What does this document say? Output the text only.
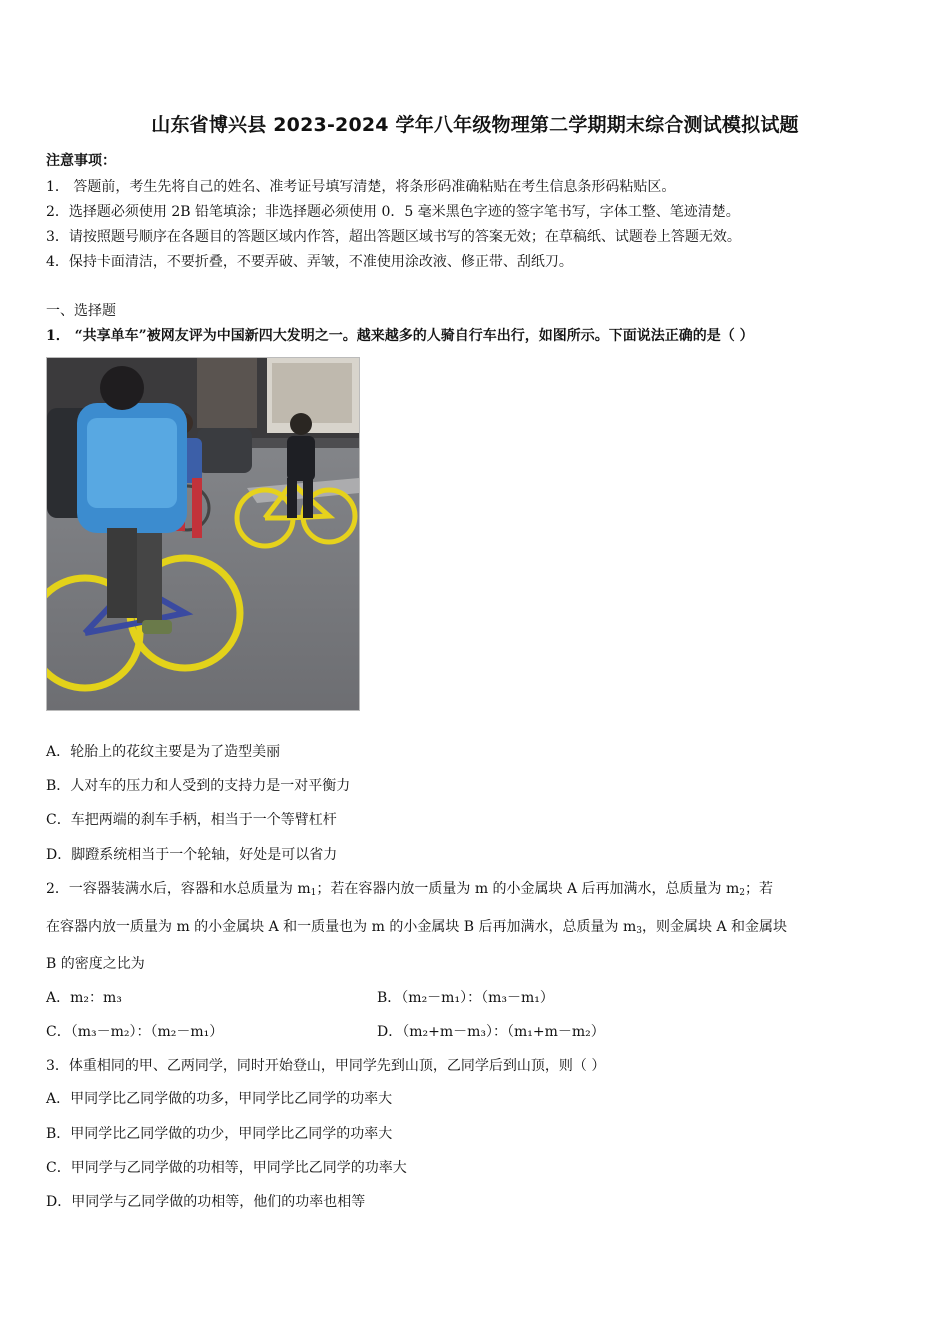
山东省博兴县 2023-2024 学年八年级物理第二学期期末综合测试模拟试题
注意事项：
1． 答题前，考生先将自己的姓名、准考证号填写清楚，将条形码准确粘贴在考生信息条形码粘贴区。
2．选择题必须使用 2B 铅笔填涂；非选择题必须使用 0．5 毫米黑色字迹的签字笔书写，字体工整、笔迹清楚。
3．请按照题号顺序在各题目的答题区域内作答，超出答题区域书写的答案无效；在草稿纸、试题卷上答题无效。
4．保持卡面清洁，不要折叠，不要弄破、弄皱，不准使用涂改液、修正带、刮纸刀。
一、选择题
1． “共享单车”被网友评为中国新四大发明之一。越来越多的人骑自行车出行，如图所示。下面说法正确的是（ ）
A．轮胎上的花纹主要是为了造型美丽
B．人对车的压力和人受到的支持力是一对平衡力
C．车把两端的刹车手柄，相当于一个等臂杠杆
D．脚蹬系统相当于一个轮轴，好处是可以省力
2．一容器装满水后，容器和水总质量为 $m_1$；若在容器内放一质量为 m 的小金属块 A 后再加满水，总质量为 $m_2$；若
在容器内放一质量为 m 的小金属块 A 和一质量也为 m 的小金属块 B 后再加满水，总质量为 $m_3$，则金属块 A 和金属块
B 的密度之比为
A．m₂：m₃	B．（m₂－m₁）：（m₃－m₁）
C．（m₃－m₂）：（m₂－m₁）	D．（m₂+m－m₃）：（m₁+m－m₂）
3．体重相同的甲、乙两同学，同时开始登山，甲同学先到山顶，乙同学后到山顶，则（ ）
A．甲同学比乙同学做的功多，甲同学比乙同学的功率大
B．甲同学比乙同学做的功少，甲同学比乙同学的功率大
C．甲同学与乙同学做的功相等，甲同学比乙同学的功率大
D．甲同学与乙同学做的功相等，他们的功率也相等
